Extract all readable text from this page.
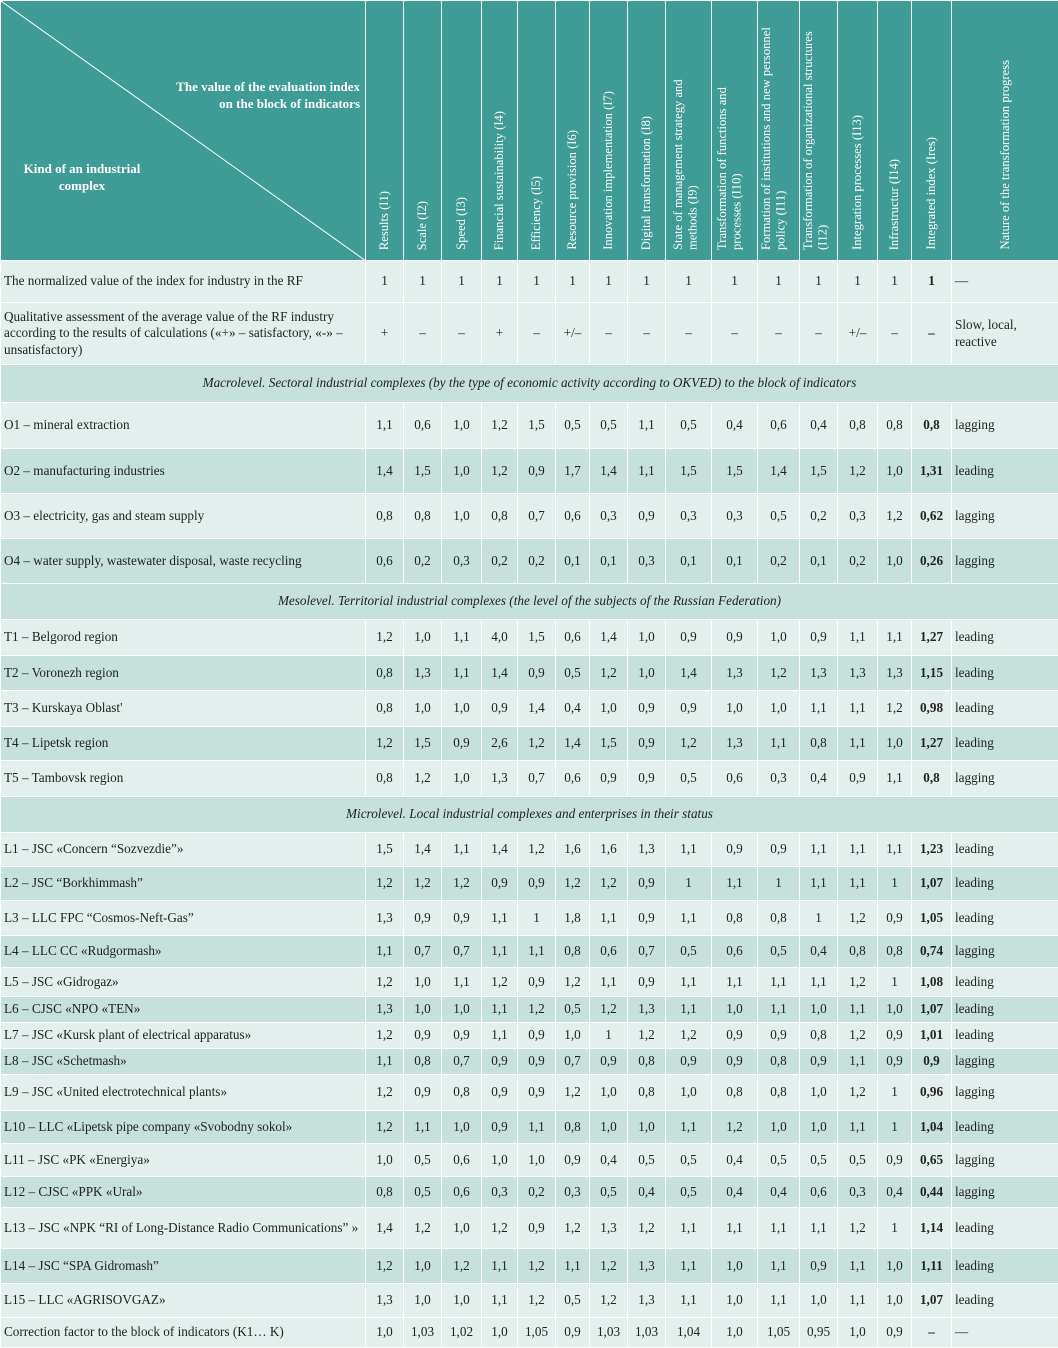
The value of the evaluation index on the block of indicators
Kind of an industrial complex	Results (I1)	Scale (I2)	Speed (I3)	Financial sustainability (I4)	Efficiency (I5)	Resource provision (I6)	Innovation implementation (I7)	Digital transformation (I8)	State of management strategy and methods (I9)	Transformation of functions and processes (I10)	Formation of institutions and new personnel policy (I11)	Transformation of organizational structures (I12)	Integration processes (I13)	Infrastructur (I14)	Integrated index (Ires)	Nature of the transformation progress
The normalized value of the index for industry in the RF	1	1	1	1	1	1	1	1	1	1	1	1	1	1	1	—
Qualitative assessment of the average value of the RF industry according to the results of calculations («+» – satisfactory, «-» – unsatisfactory)	+	–	–	+	–	+/–	–	–	–	–	–	–	+/–	–	–	Slow, local, reactive
Macrolevel. Sectoral industrial complexes (by the type of economic activity according to OKVED) to the block of indicators																
O1 – mineral extraction	1,1	0,6	1,0	1,2	1,5	0,5	0,5	1,1	0,5	0,4	0,6	0,4	0,8	0,8	0,8	lagging
O2 – manufacturing industries	1,4	1,5	1,0	1,2	0,9	1,7	1,4	1,1	1,5	1,5	1,4	1,5	1,2	1,0	1,31	leading
O3 – electricity, gas and steam supply	0,8	0,8	1,0	0,8	0,7	0,6	0,3	0,9	0,3	0,3	0,5	0,2	0,3	1,2	0,62	lagging
O4 – water supply, wastewater disposal, waste recycling	0,6	0,2	0,3	0,2	0,2	0,1	0,1	0,3	0,1	0,1	0,2	0,1	0,2	1,0	0,26	lagging
Mesolevel. Territorial industrial complexes (the level of the subjects of the Russian Federation)																
T1 – Belgorod region	1,2	1,0	1,1	4,0	1,5	0,6	1,4	1,0	0,9	0,9	1,0	0,9	1,1	1,1	1,27	leading
T2 – Voronezh region	0,8	1,3	1,1	1,4	0,9	0,5	1,2	1,0	1,4	1,3	1,2	1,3	1,3	1,3	1,15	leading
T3 – Kurskaya Oblast'	0,8	1,0	1,0	0,9	1,4	0,4	1,0	0,9	0,9	1,0	1,0	1,1	1,1	1,2	0,98	leading
T4 – Lipetsk region	1,2	1,5	0,9	2,6	1,2	1,4	1,5	0,9	1,2	1,3	1,1	0,8	1,1	1,0	1,27	leading
T5 – Tambovsk region	0,8	1,2	1,0	1,3	0,7	0,6	0,9	0,9	0,5	0,6	0,3	0,4	0,9	1,1	0,8	lagging
Microlevel. Local industrial complexes and enterprises in their status																
L1 – JSC «Concern “Sozvezdie”»	1,5	1,4	1,1	1,4	1,2	1,6	1,6	1,3	1,1	0,9	0,9	1,1	1,1	1,1	1,23	leading
L2 – JSC “Borkhimmash”	1,2	1,2	1,2	0,9	0,9	1,2	1,2	0,9	1	1,1	1	1,1	1,1	1	1,07	leading
L3 – LLC FPC “Cosmos-Neft-Gas”	1,3	0,9	0,9	1,1	1	1,8	1,1	0,9	1,1	0,8	0,8	1	1,2	0,9	1,05	leading
L4 – LLC CC «Rudgormash»	1,1	0,7	0,7	1,1	1,1	0,8	0,6	0,7	0,5	0,6	0,5	0,4	0,8	0,8	0,74	lagging
L5 – JSC «Gidrogaz»	1,2	1,0	1,1	1,2	0,9	1,2	1,1	0,9	1,1	1,1	1,1	1,1	1,2	1	1,08	leading
L6 – CJSC «NPO «TEN»	1,3	1,0	1,0	1,1	1,2	0,5	1,2	1,3	1,1	1,0	1,1	1,0	1,1	1,0	1,07	leading
L7 – JSC «Kursk plant of electrical apparatus»	1,2	0,9	0,9	1,1	0,9	1,0	1	1,2	1,2	0,9	0,9	0,8	1,2	0,9	1,01	leading
L8 – JSC «Schetmash»	1,1	0,8	0,7	0,9	0,9	0,7	0,9	0,8	0,9	0,9	0,8	0,9	1,1	0,9	0,9	lagging
L9 – JSC «United electrotechnical plants»	1,2	0,9	0,8	0,9	0,9	1,2	1,0	0,8	1,0	0,8	0,8	1,0	1,2	1	0,96	lagging
L10 – LLC «Lipetsk pipe company «Svobodny sokol»	1,2	1,1	1,0	0,9	1,1	0,8	1,0	1,0	1,1	1,2	1,0	1,0	1,1	1	1,04	leading
L11 – JSC «PK «Energiya»	1,0	0,5	0,6	1,0	1,0	0,9	0,4	0,5	0,5	0,4	0,5	0,5	0,5	0,9	0,65	lagging
L12 – CJSC «PPK «Ural»	0,8	0,5	0,6	0,3	0,2	0,3	0,5	0,4	0,5	0,4	0,4	0,6	0,3	0,4	0,44	lagging
L13 – JSC «NPK “RI of Long-Distance Radio Communications” »	1,4	1,2	1,0	1,2	0,9	1,2	1,3	1,2	1,1	1,1	1,1	1,1	1,2	1	1,14	leading
L14 – JSC “SPA Gidromash”	1,2	1,0	1,2	1,1	1,2	1,1	1,2	1,3	1,1	1,0	1,1	0,9	1,1	1,0	1,11	leading
L15 – LLC «AGRISOVGAZ»	1,3	1,0	1,0	1,1	1,2	0,5	1,2	1,3	1,1	1,0	1,1	1,0	1,1	1,0	1,07	leading
Correction factor to the block of indicators (K1… K)	1,0	1,03	1,02	1,0	1,05	0,9	1,03	1,03	1,04	1,0	1,05	0,95	1,0	0,9	–	—
